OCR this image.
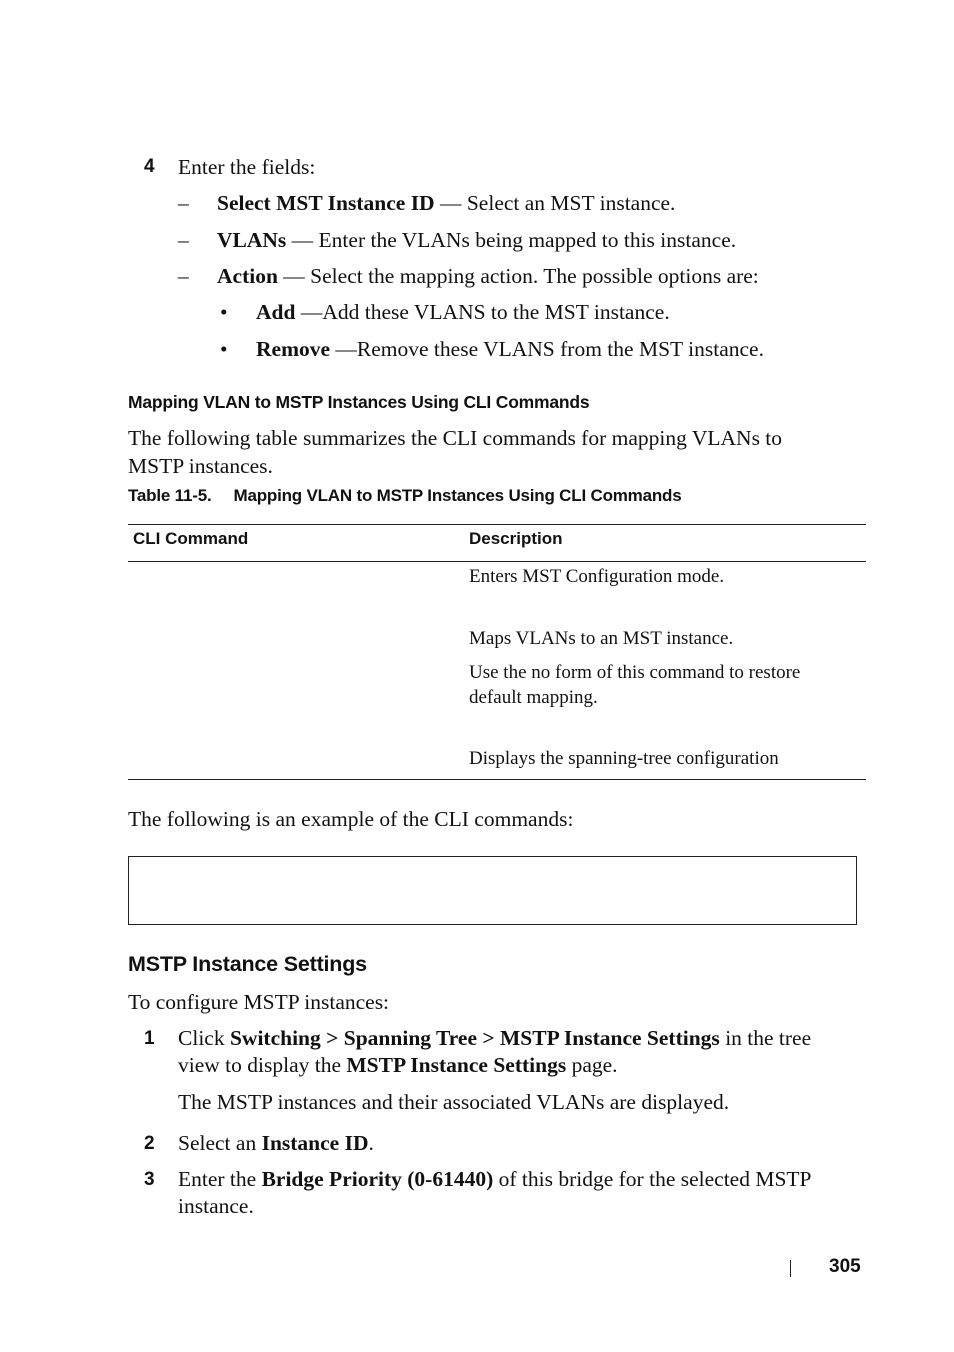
4 Enter the fields:
– Select MST Instance ID — Select an MST instance.
– VLANs — Enter the VLANs being mapped to this instance.
– Action — Select the mapping action. The possible options are:
• Add —Add these VLANS to the MST instance.
• Remove —Remove these VLANS from the MST instance.
Mapping VLAN to MSTP Instances Using CLI Commands
The following table summarizes the CLI commands for mapping VLANs to
MSTP instances.
Table 11-5. Mapping VLAN to MSTP Instances Using CLI Commands
CLI Command	Description
Enters MST Configuration mode.
Maps VLANs to an MST instance.
Use the no form of this command to restore
default mapping.
Displays the spanning-tree configuration
The following is an example of the CLI commands:
MSTP Instance Settings
To configure MSTP instances:
1 Click Switching > Spanning Tree > MSTP Instance Settings in the tree
view to display the MSTP Instance Settings page.
The MSTP instances and their associated VLANs are displayed.
2 Select an Instance ID.
3 Enter the Bridge Priority (0-61440) of this bridge for the selected MSTP
instance.
305
